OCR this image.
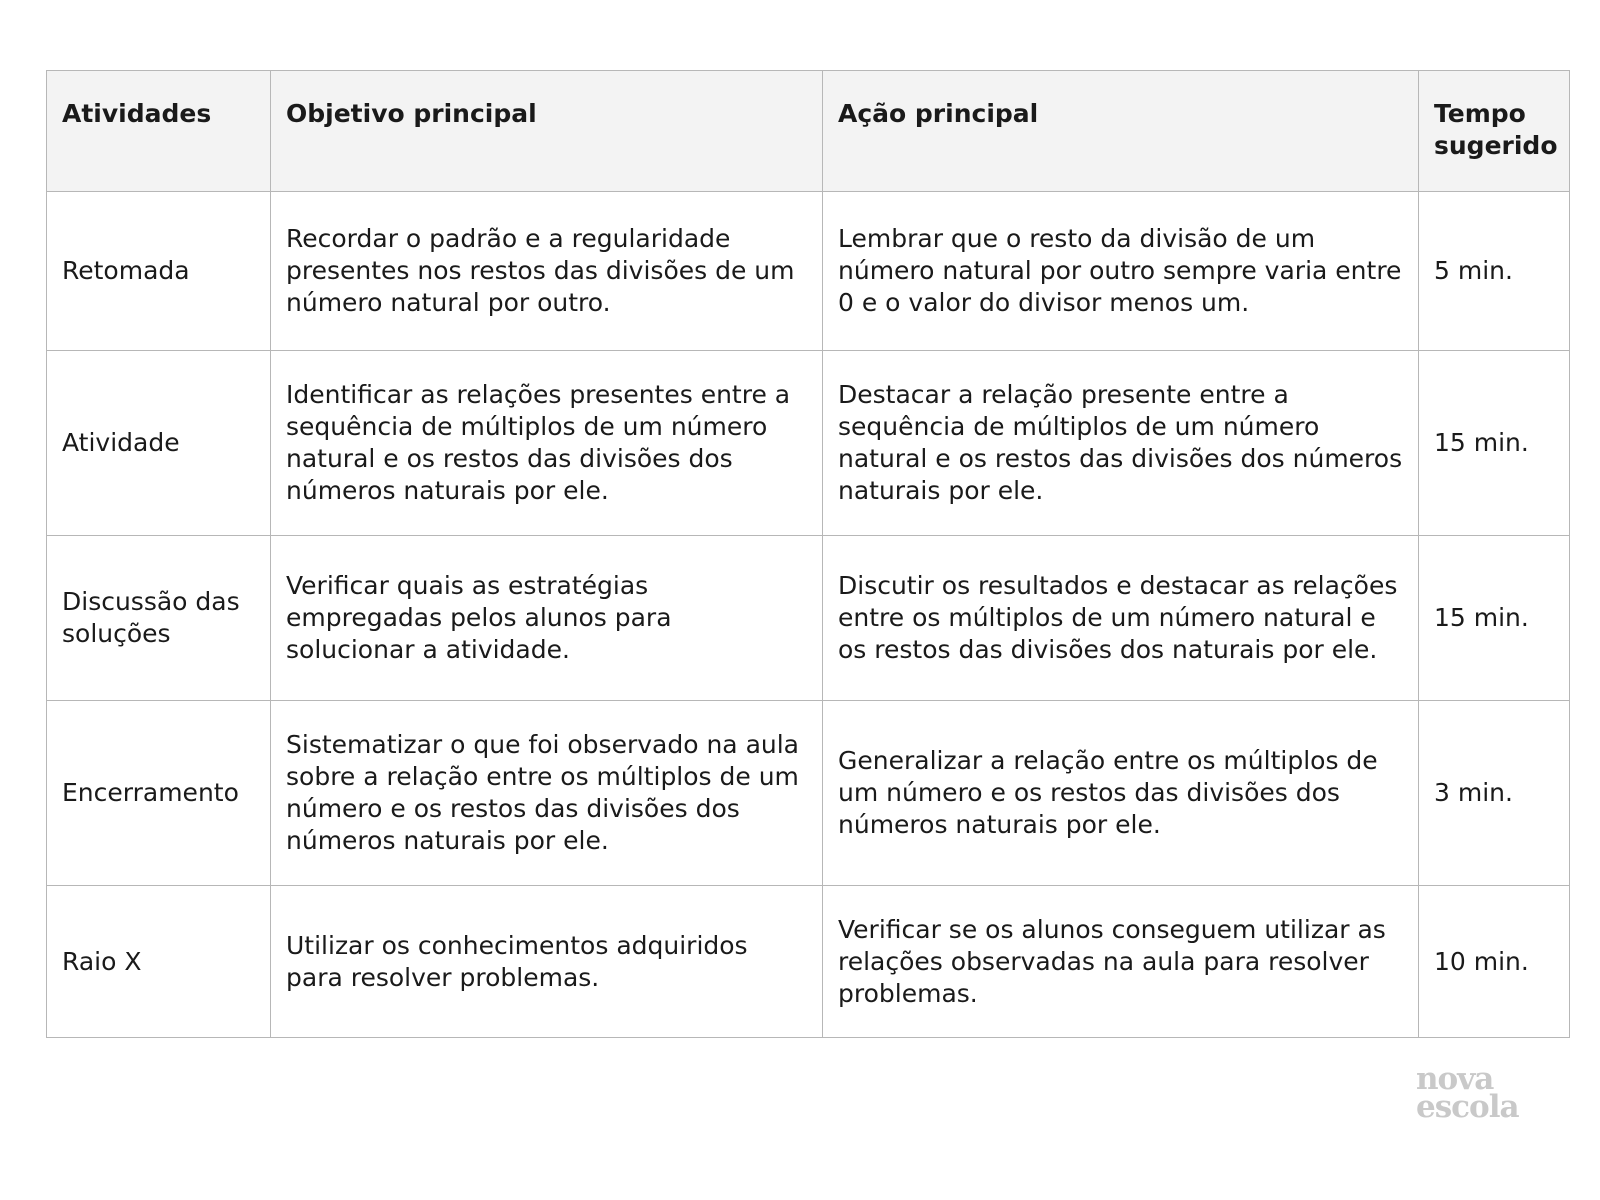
Atividades	Objetivo principal	Ação principal	Tempo sugerido
Retomada	Recordar o padrão e a regularidade presentes nos restos das divisões de um número natural por outro.	Lembrar que o resto da divisão de um número natural por outro sempre varia entre 0 e o valor do divisor menos um.	5 min.
Atividade	Identificar as relações presentes entre a sequência de múltiplos de um número natural e os restos das divisões dos números naturais por ele.	Destacar a relação presente entre a sequência de múltiplos de um número natural e os restos das divisões dos números naturais por ele.	15 min.
Discussão das soluções	Verificar quais as estratégias empregadas pelos alunos para solucionar a atividade.	Discutir os resultados e destacar as relações entre os múltiplos de um número natural e os restos das divisões dos naturais por ele.	15 min.
Encerramento	Sistematizar o que foi observado na aula sobre a relação entre os múltiplos de um número e os restos das divisões dos números naturais por ele.	Generalizar a relação entre os múltiplos de um número e os restos das divisões dos números naturais por ele.	3 min.
Raio X	Utilizar os conhecimentos adquiridos para resolver problemas.	Verificar se os alunos conseguem utilizar as relações observadas na aula para resolver problemas.	10 min.
nova
escola
